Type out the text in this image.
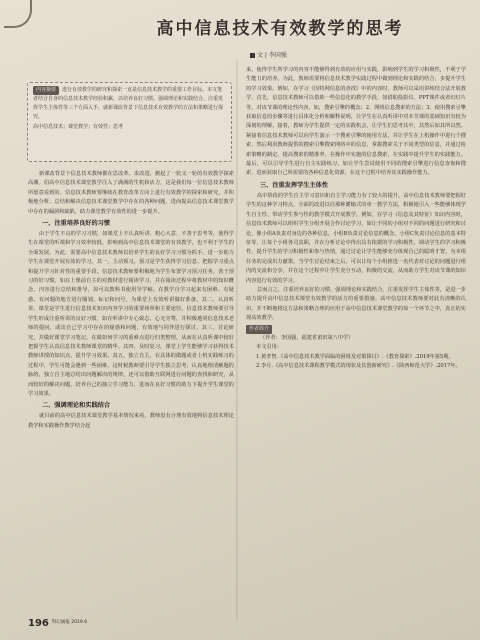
高中信息技术有效教学的思考
文 | 李国强
内容摘要 进行有效教学的研究和探索一直是信息技术教学的重要工作目标。本文笔者结合自身的信息技术教学经验积累，以培养良好习惯、强调理论和实践结合、注重发挥学生主体性等三个方面入手，就新课改背景下信息技术有效教学的方法和策略进行探究。
高中信息技术；课堂教学；有效性；思考

新课改背景下信息技术教师都在思改革、求改进，掀起了一轮又一轮的有效教学探索高潮。伯高中信息技术课堂教学注入了满满的生机和活力，这是我们每一位信息技术教师所愿意看到的。信息技术教师要继续在教育改革方向上进行有效教学的探索和研究，并积极地分析、总结和解决信息技术课堂教学中存在的各种问题，进而提高信息技术课堂教学中存在的漏洞和缺陷，助力课堂教学有效性的进一步提升。

一、注重培养良好的习惯

由于学生不良的学习习惯，如课堂上不认真听讲、粗心大意、不善于思考等，使得学生在课堂的听课和学习效率较低，影响到高中信息技术课堂的有效教学，也不利于学生的全面发展。为此，需要高中信息技术教师以培养学生的良好学习习惯为抓手，进一步助力学生在课堂开展有效的学习。其一，主动预习。预习是学生获得学习信息、把握学习重点和提升学习针对性的重要手段。信息技术教师要积极地为学生布置学习预习任务，善于预习的好习惯。如在上课前自主的对教材进行阅读学习，并在阅读过程中将教材中的知识概念、内容进行总结和推导，如可以教科书使用导学稿。在教学自学习起来有困难，有疑惑，有问题的地方进行圈划、标记和问号，为课堂上有效听讲做好准备。其二，认真听讲。课堂是学生进行信息技术知识内容学习的重要场所和主要途径。信息技术教师要引导学生形成注重听讲的良好习惯，如在听讲中专心致志、心无旁骛，并积极地同信息技术老师的提问，或出自己学习中存在的疑惑和问题，有效地与同伴进行探讨。其三，讨论研究。并做好课堂学习笔记，在做如何学习的重难点进行归类整理，从而在认真听课中较好把握学生认真信息技术教师课堂的精华。其四，及时复习。课堂上学生能够学习获得技术教师讲授的知识点，提升学习效果。其五，独立自主。在具体的做题或者上机实践练习的过程中，学生可能会遇到一些困难，这时候教师要引导学生独立思考，认真地理清解题的脉络，独立自主地总结出问题解决的规律，还可以借助互联网进行问题的查找和研究，从而较好的解决问题，培养自己的独立学习能力，进而在良好习惯的助力下提升学生课堂的学习效果。

二、强调理论和实践结合

就目前的高中信息技术课堂教学基本情况来看，教师没有合理有效地将信息技术理论教学和实践操作教学结合起

来，使得学生所学习的内容不能够得到有效的应用与实践，影响到学生的学习积极性，不利于学生能力的培养。为此，教师需要将信息技术教学实践过程中做到理论和实践的结合，步提升学生的学习效果。例如，在学习《因特网信息的查找》中的内容时，教师可以采用讲练结合法开展教学，首先，信息技术教师可以借助一些信息化的教学手段，如借助投影仪、PPT课件或者幻灯片等，对该节课的理论性内容，如，搜索引擎的概念；2、网络信息搜索的方法；3、使用搜索引擎获取信息的步骤等进行具体化分析和解释说明，让学生在认真听讲中对本节课的基础知识有较为深刻的理解，接着，教师为学生提供一定的实践机会，让学生们思考其中，其然后如其所以然，紧接着信息技术教师可以向学生演示一个搜索引擎的使用方法，并让学生在上机操作中进行个搜索，然后利用教师提供的搜索引擎搜索网络中的信息，掌握搜索关于不同类型的信息，并通过检索策略的制定、提高搜索的精准率，在操作中实施的信息搜索，在实践中提升学生的实践能力。最后，可以引导学生进行自主实践练习，如让学生尝试使用不同的搜索引擎进行信息查询和搜索，进而获取自己所需要的各种信息化资源，在这个过程中培养其实践操作能力。

三、注重发挥学生主体性

高中阶段的学生自主学习意识和自主学习能力有了较大的提升，高中信息技术教师要把握好学生的这种学习特点，全面的改进以往那种灌输式的单一教学方法，积极地引入一些能够体现学生自主性、带动学生参与性的教学模式开展教学。例如，在学习《信息及其特征》知识内容时，信息技术教师可以组织学生分组开展合作讨论学习，如让不同的小组对不同的问题进行研究和讨论，像小组A负责对身边的各种信息，小组B负责讨论信息的概念，小组C负责讨论信息的基本特征等，让每个小组各司其职，并在分析讨论中得出具有依据的学习积极性，调动学生的学习积极性，提升学生的学习积极性和参与热情，通过讨论让学生能够充分体现自己的聪明才智，为本组任务的完成出力献策。当学生讨论结束之后，可以让每个小组推选一名代表对讨论的问题进行组内的交流和分享，并在这个过程中让学生充分互动，积极的交流，从而助力学生对该节课的知识内容进行有效的学习。

总而言之，注重培养良好的习惯，强调理论和实践结合，注重发挥学生主体性等，是进一步助力提升高中信息技术课堂有效教学的活力的重要措施。高中信息技术教师要对此有清晰的认识，并不断地将这方法和策略合理的应用于高中信息技术课堂教学的每一个环节之中，真正的实现高效教学。

作者简介
（作者：李国强，福建省莆田第八中学）
本文引用：
1.黄孝智.《高中信息技术教学面临的困境及对策探讨》.《教育探索》.2019年第5期。
2.李月.《高中信息技术课程教学模式的现状及其创新研究》.《陕西师范大学》.2017年。
196 科幻画报 2019.6
